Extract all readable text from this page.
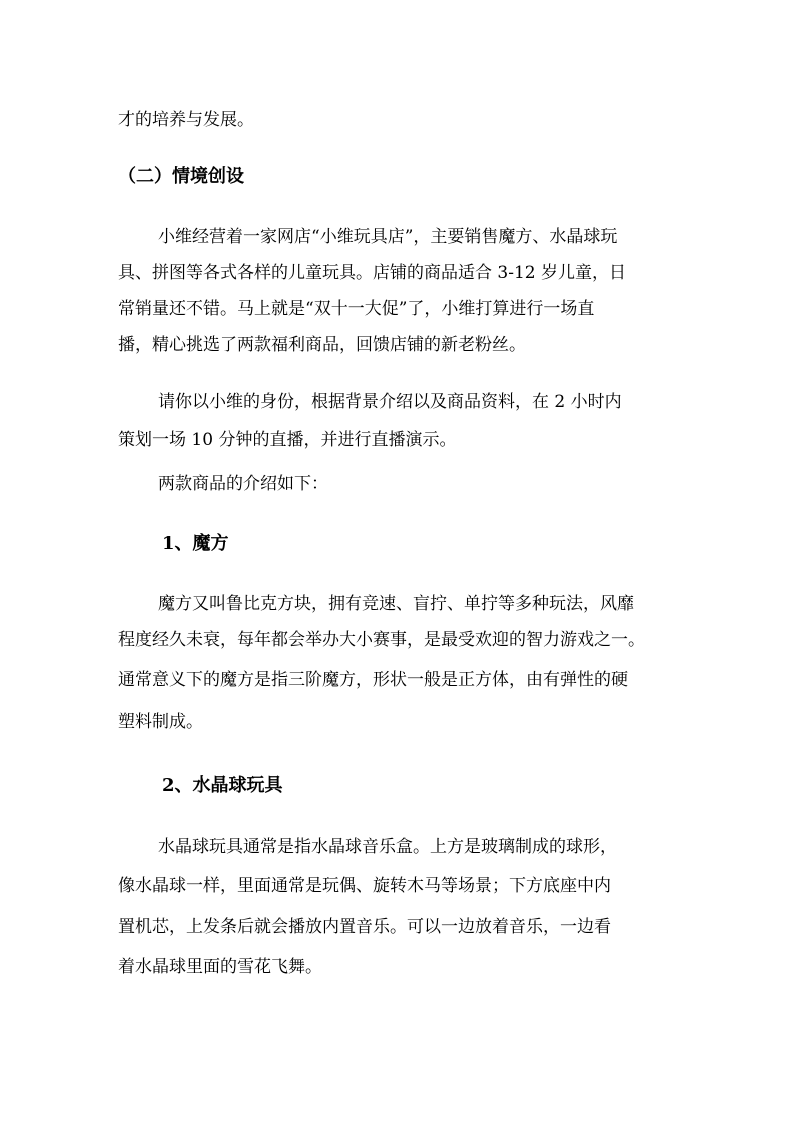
才的培养与发展。
（二）情境创设
小维经营着一家网店“小维玩具店”，主要销售魔方、水晶球玩
具、拼图等各式各样的儿童玩具。店铺的商品适合 3-12 岁儿童，日
常销量还不错。马上就是“双十一大促”了，小维打算进行一场直
播，精心挑选了两款福利商品，回馈店铺的新老粉丝。
请你以小维的身份，根据背景介绍以及商品资料，在 2 小时内
策划一场 10 分钟的直播，并进行直播演示。
两款商品的介绍如下：
1、魔方
魔方又叫鲁比克方块，拥有竞速、盲拧、单拧等多种玩法，风靡
程度经久未衰，每年都会举办大小赛事，是最受欢迎的智力游戏之一。
通常意义下的魔方是指三阶魔方，形状一般是正方体，由有弹性的硬
塑料制成。
2、水晶球玩具
水晶球玩具通常是指水晶球音乐盒。上方是玻璃制成的球形，
像水晶球一样，里面通常是玩偶、旋转木马等场景；下方底座中内
置机芯，上发条后就会播放内置音乐。可以一边放着音乐，一边看
着水晶球里面的雪花飞舞。
